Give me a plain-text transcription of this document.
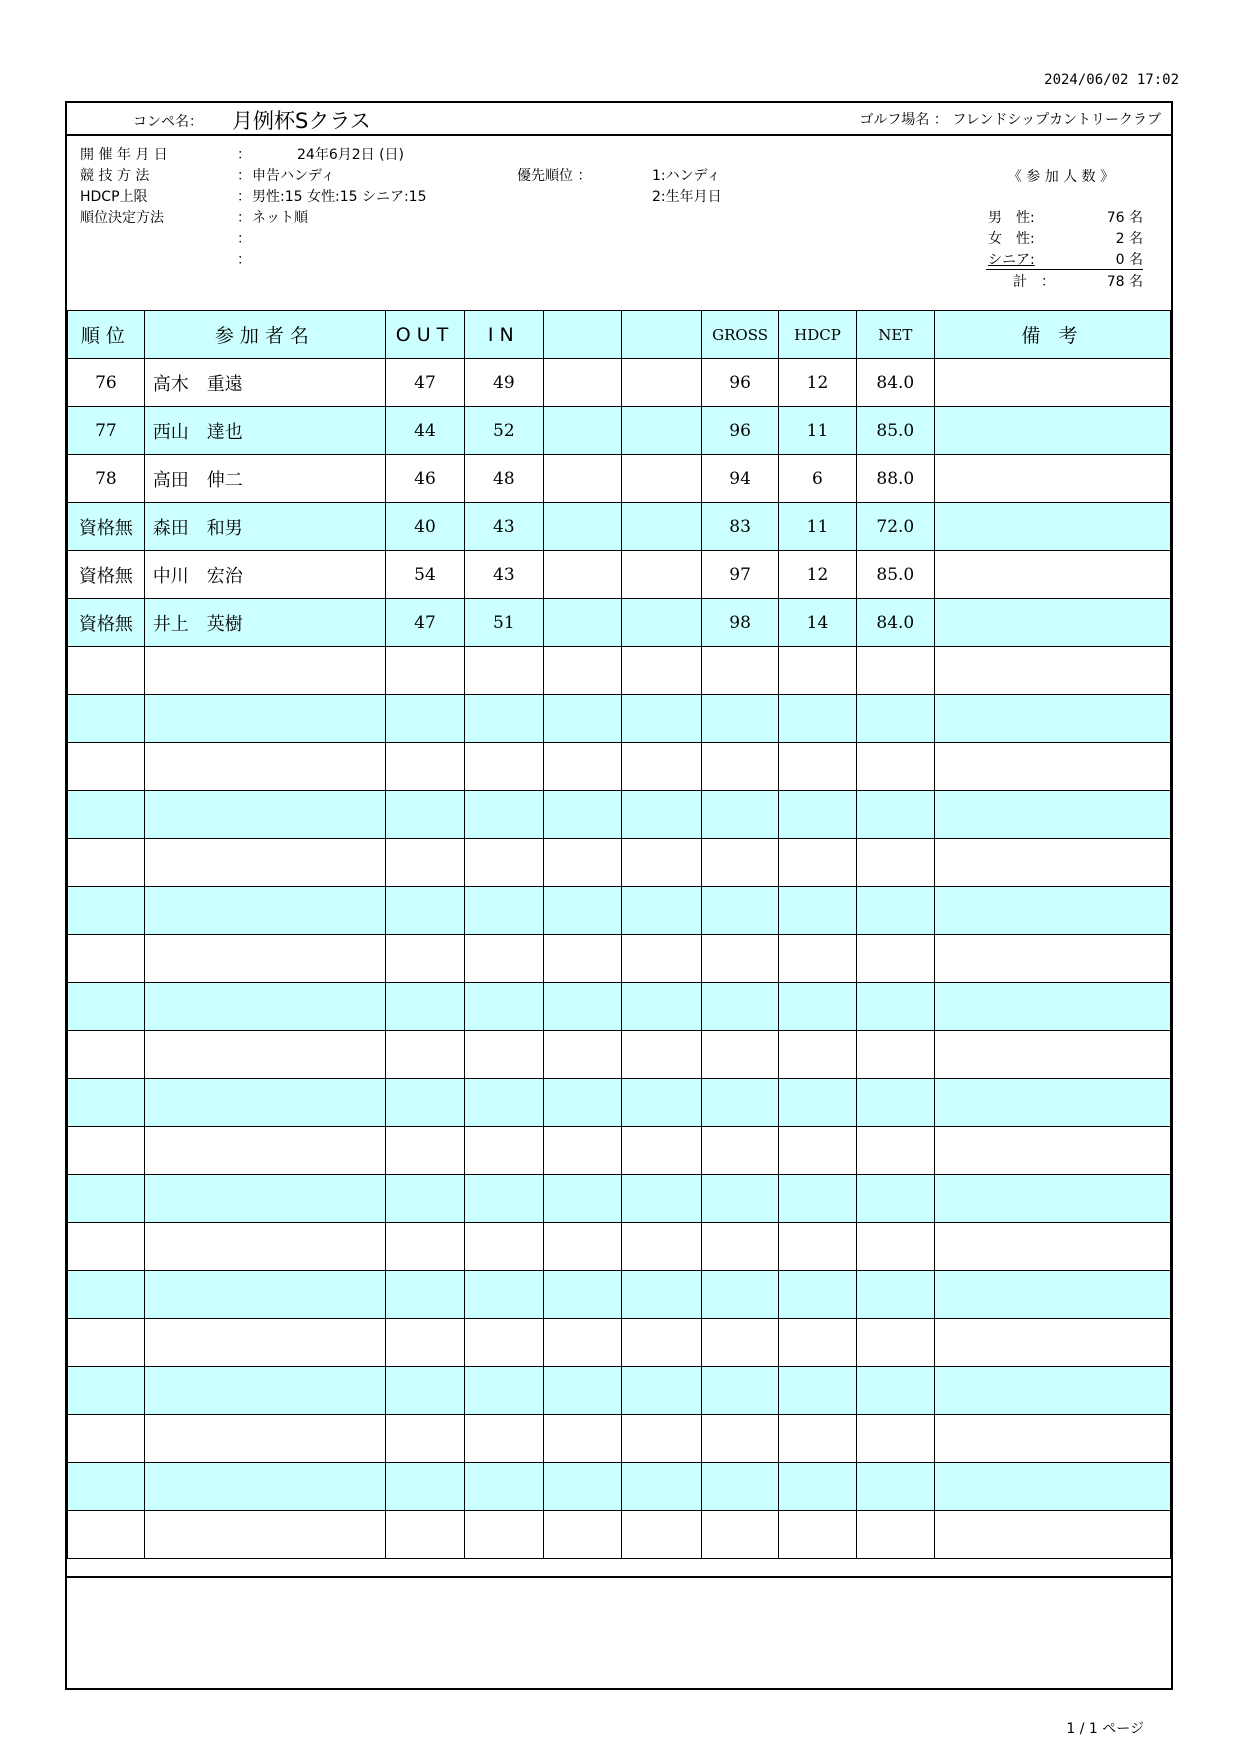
2024/06/02 17:02
コンペ名： 月例杯Sクラス	ゴルフ場名 ： フレンドシップカントリークラブ
開 催 年 月 日	：	24年6月2日 (日)
競 技 方 法	： 申告ハンディ	優先順位 ：	1:ハンディ
HDCP上限	： 男性:15 女性:15 シニア:15	2:生年月日
順位決定方法	： ネット順
：
：
《 参 加 人 数 》
男　性:	76 名
女　性:	2 名
シニア:	0 名
計　：	78 名
順位	参加者名	OUT	IN			GROSS	HDCP	NET	備 考
76	高木　重遠	47	49			96	12	84.0	
77	西山　達也	44	52			96	11	85.0	
78	高田　伸二	46	48			94	6	88.0	
資格無	森田　和男	40	43			83	11	72.0	
資格無	中川　宏治	54	43			97	12	85.0	
資格無	井上　英樹	47	51			98	14	84.0	

1 / 1 ページ
